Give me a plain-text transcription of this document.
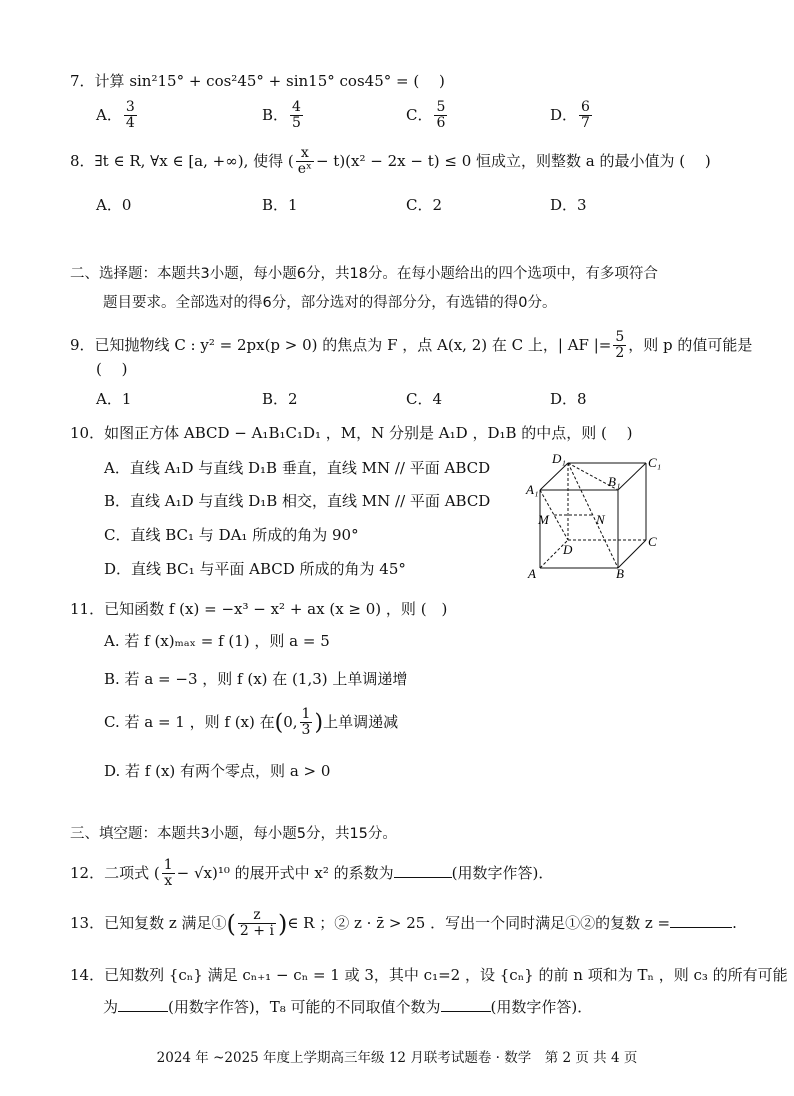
7．计算 sin²15° + cos²45° + sin15° cos45° = (　 )
A． $\frac{3}{4}$	B． $\frac{4}{5}$	C． $\frac{5}{6}$	D． $\frac{6}{7}$
8．∃t ∈ R, ∀x ∈ [a, +∞), 使得 ( $\frac{x}{\text{eˣ}} - t)(x^2 - 2x - t) \le 0$ 恒成立，则整数 a 的最小值为 (　 )
A．0	B．1	C．2	D．3
二、选择题：本题共3小题，每小题6分，共18分。在每小题给出的四个选项中，有多项符合
题目要求。全部选对的得6分，部分选对的得部分分，有选错的得0分。
9．已知抛物线 C : y² = 2px(p > 0) 的焦点为 F ，点 A(x, 2) 在 C 上，| AF |= $\frac{5}{2}$ ，则 p 的值可能是
(　 )
A．1	B．2	C．4	D．8
10．如图正方体 ABCD − A₁B₁C₁D₁ ，M，N 分别是 A₁D ，D₁B 的中点，则 (　 )
A．直线 A₁D 与直线 D₁B 垂直，直线 MN // 平面 ABCD
B．直线 A₁D 与直线 D₁B 相交，直线 MN // 平面 ABCD
C．直线 BC₁ 与 DA₁ 所成的角为 90°
D．直线 BC₁ 与平面 ABCD 所成的角为 45°
D₁	C₁
B₁
A₁
M	N
D
C
A	B
11．已知函数 f (x) = −x³ − x² + ax (x ≥ 0) ，则 (　)
A. 若 f (x)ₘₐₓ = f (1) ，则 a = 5
B. 若 a = −3 ，则 f (x) 在 (1,3) 上单调递增
C. 若 a = 1 ，则 f (x) 在(0, $\frac{1}{3}$ )上单调递减
D. 若 f (x) 有两个零点，则 a > 0
三、填空题：本题共3小题，每小题5分，共15分。
12．二项式 ( $\frac{1}{x} - √x)^{10}$ 的展开式中 x² 的系数为	(用数字作答)．
13．已知复数 z 满足①( $\frac{z}{2 + i}$ )∈ R ；② z · z̄ > 25 ．写出一个同时满足①②的复数 z =	.
14．已知数列 {cₙ} 满足 cₙ₊₁ − cₙ = 1 或 3，其中 c₁=2 ，设 {cₙ} 的前 n 项和为 Tₙ ，则 c₃ 的所有可能
为	(用数字作答)，T₈ 可能的不同取值个数为	(用数字作答)．
2024 年 ~2025 年度上学期高三年级 12 月联考试题卷 · 数学　第 2 页 共 4 页
